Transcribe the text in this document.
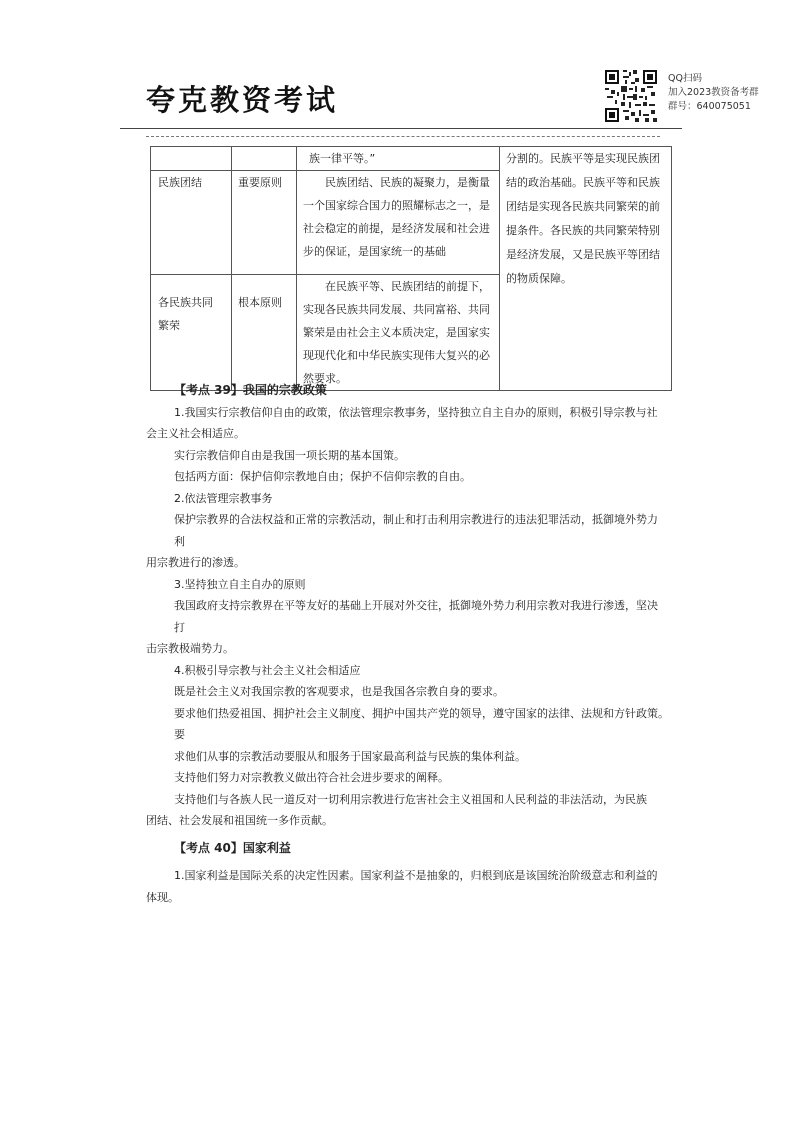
夸克教资考试
QQ扫码
加入2023教资备考群
群号：640075051
		族一律平等。”	分割的。民族平等是实现民族团结的政治基础。民族平等和民族团结是实现各民族共同繁荣的前提条件。各民族的共同繁荣特别是经济发展，又是民族平等团结的物质保障。

民族团结	重要原则	民族团结、民族的凝聚力，是衡量一个国家综合国力的照耀标志之一，是社会稳定的前提，是经济发展和社会进步的保证，是国家统一的基础	

各民族共同繁荣	根本原则	在民族平等、民族团结的前提下，实现各民族共同发展、共同富裕、共同繁荣是由社会主义本质决定，是国家实现现代化和中华民族实现伟大复兴的必然要求。	

【考点 39】我国的宗教政策

1.我国实行宗教信仰自由的政策，依法管理宗教事务，坚持独立自主自办的原则，积极引导宗教与社

会主义社会相适应。

实行宗教信仰自由是我国一项长期的基本国策。

包括两方面：保护信仰宗教地自由；保护不信仰宗教的自由。

2.依法管理宗教事务

保护宗教界的合法权益和正常的宗教活动，制止和打击利用宗教进行的违法犯罪活动，抵御境外势力　 利

用宗教进行的渗透。

3.坚持独立自主自办的原则

我国政府支持宗教界在平等友好的基础上开展对外交往，抵御境外势力利用宗教对我进行渗透，坚决　 打

击宗教极端势力。

4.积极引导宗教与社会主义社会相适应

既是社会主义对我国宗教的客观要求，也是我国各宗教自身的要求。

要求他们热爱祖国、拥护社会主义制度、拥护中国共产党的领导，遵守国家的法律、法规和方针政策。　 要

求他们从事的宗教活动要服从和服务于国家最高利益与民族的集体利益。

支持他们努力对宗教教义做出符合社会进步要求的阐释。

支持他们与各族人民一道反对一切利用宗教进行危害社会主义祖国和人民利益的非法活动，为民族

团结、社会发展和祖国统一多作贡献。

【考点 40】国家利益

1.国家利益是国际关系的决定性因素。国家利益不是抽象的，归根到底是该国统治阶级意志和利益的

体现。
